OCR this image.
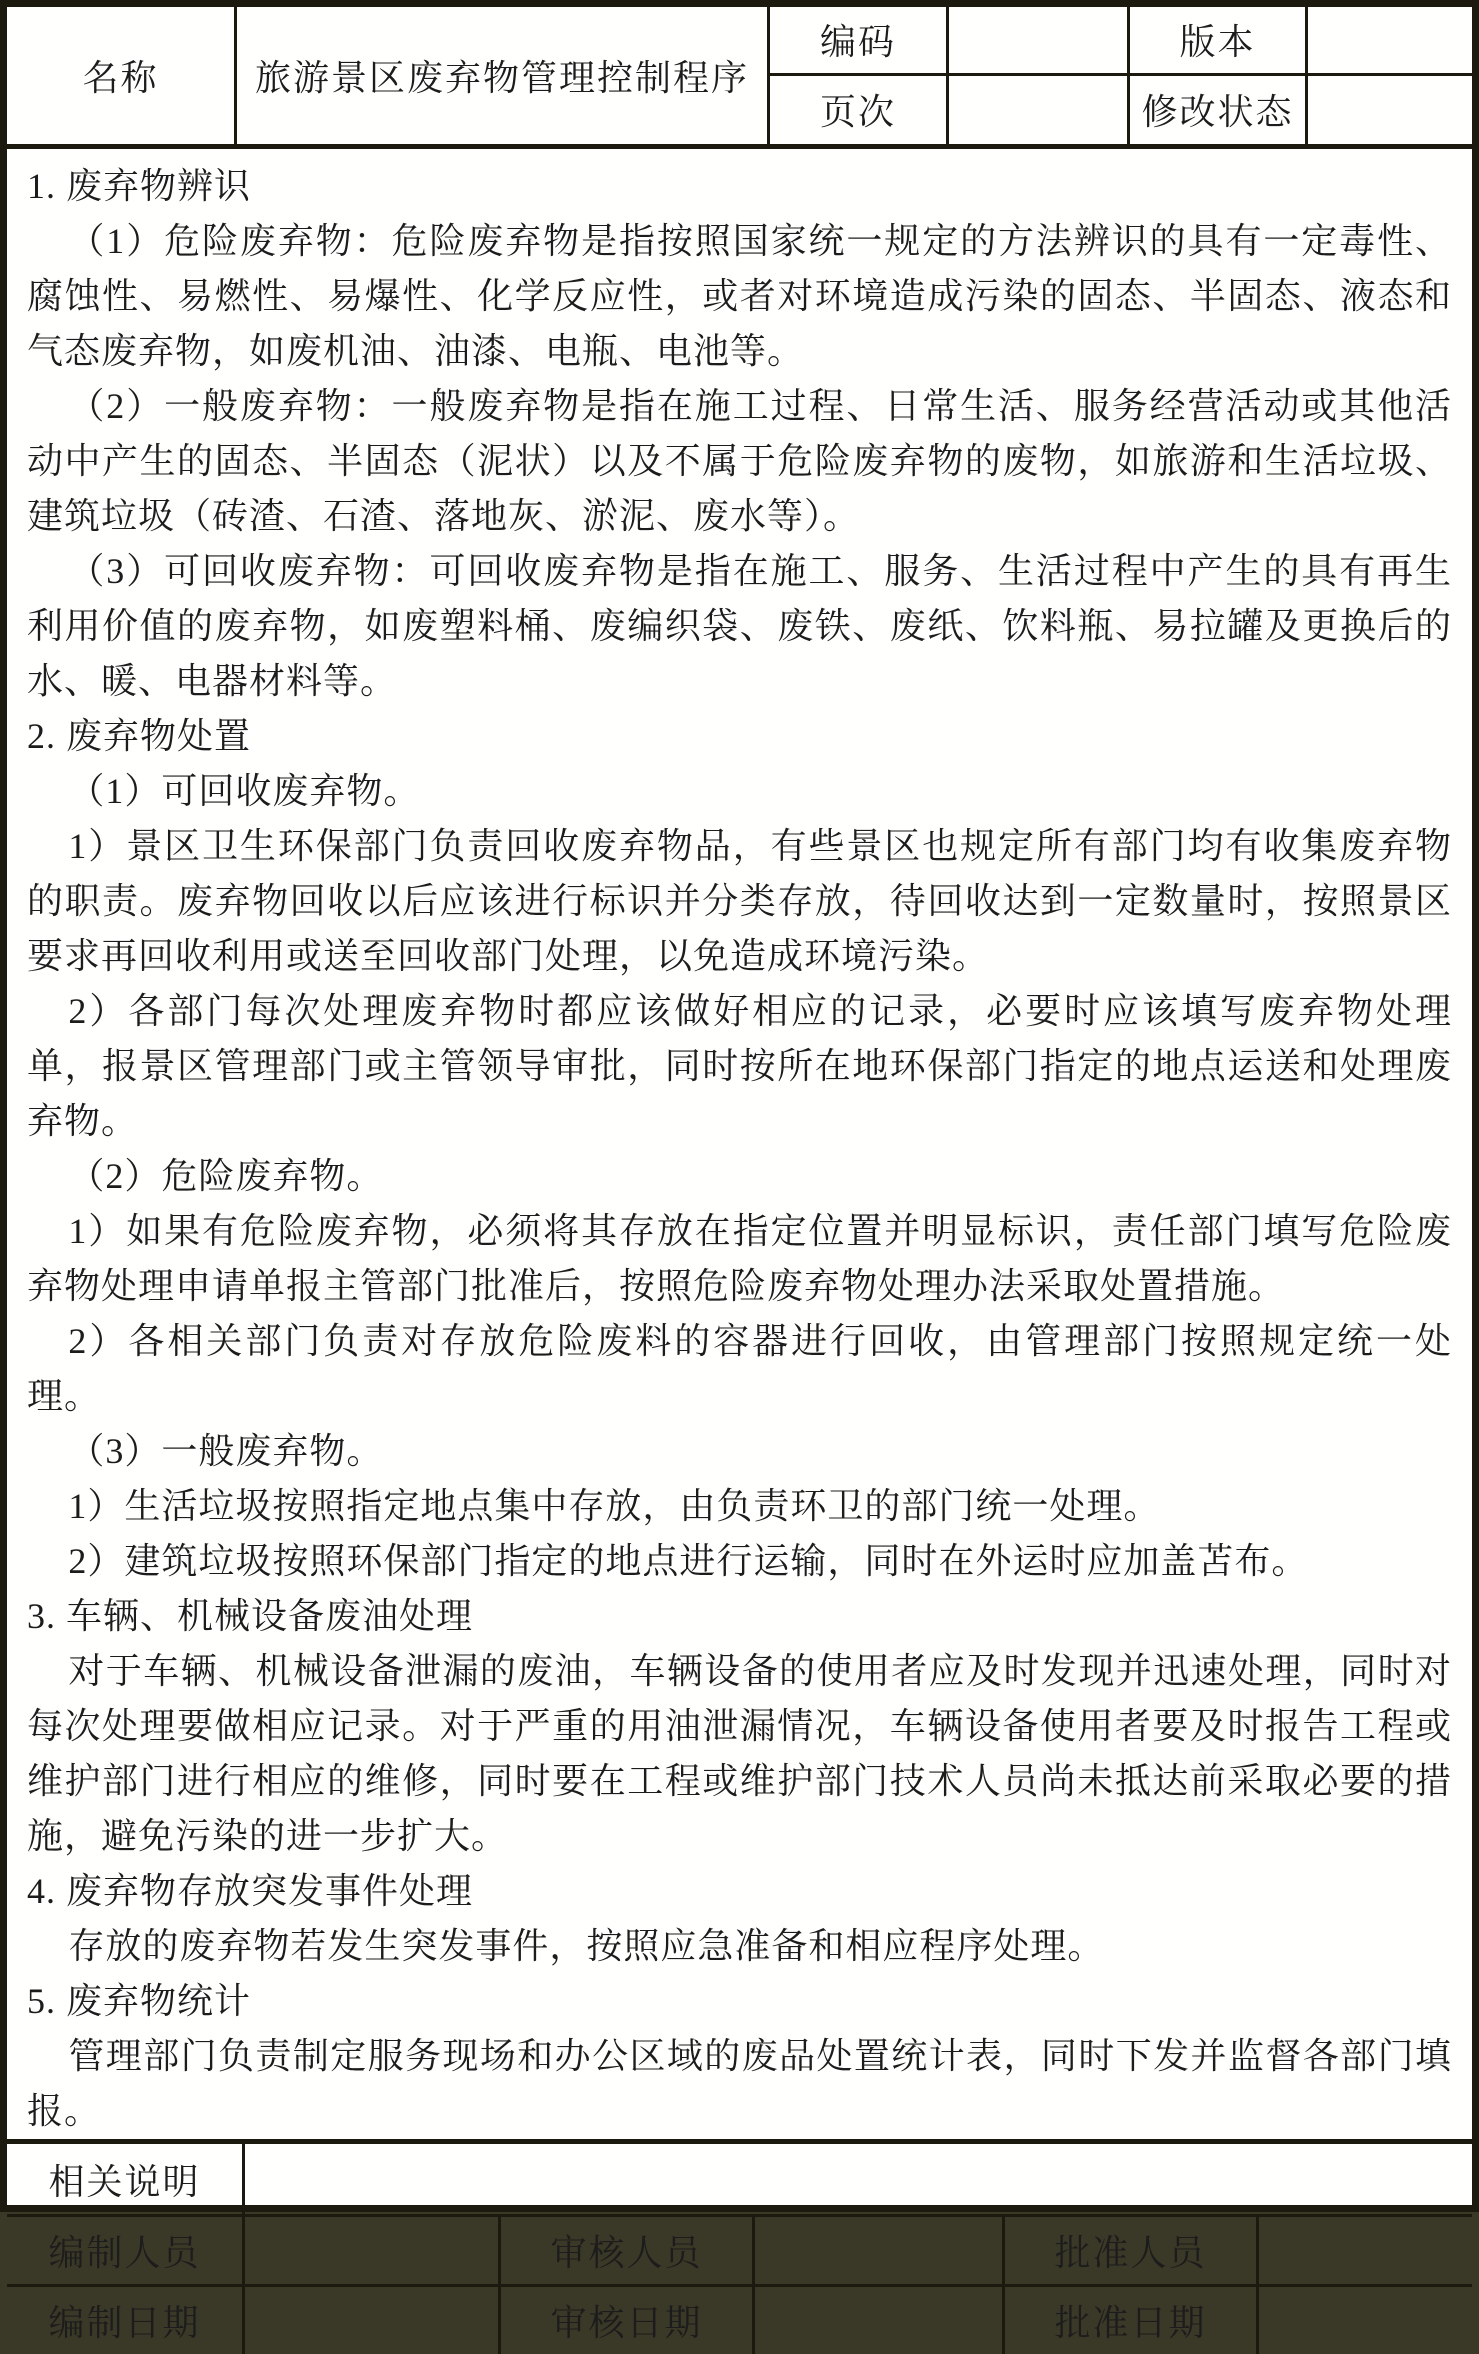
名称	旅游景区废弃物管理控制程序
编码	版本
页次	修改状态
1. 废弃物辨识
（1）危险废弃物：危险废弃物是指按照国家统一规定的方法辨识的具有一定毒性、腐蚀性、易燃性、易爆性、化学反应性，或者对环境造成污染的固态、半固态、液态和气态废弃物，如废机油、油漆、电瓶、电池等。
（2）一般废弃物：一般废弃物是指在施工过程、日常生活、服务经营活动或其他活动中产生的固态、半固态（泥状）以及不属于危险废弃物的废物，如旅游和生活垃圾、建筑垃圾（砖渣、石渣、落地灰、淤泥、废水等）。
（3）可回收废弃物：可回收废弃物是指在施工、服务、生活过程中产生的具有再生利用价值的废弃物，如废塑料桶、废编织袋、废铁、废纸、饮料瓶、易拉罐及更换后的水、暖、电器材料等。
2. 废弃物处置
（1）可回收废弃物。
1）景区卫生环保部门负责回收废弃物品，有些景区也规定所有部门均有收集废弃物的职责。废弃物回收以后应该进行标识并分类存放，待回收达到一定数量时，按照景区要求再回收利用或送至回收部门处理，以免造成环境污染。
2）各部门每次处理废弃物时都应该做好相应的记录，必要时应该填写废弃物处理单，报景区管理部门或主管领导审批，同时按所在地环保部门指定的地点运送和处理废弃物。
（2）危险废弃物。
1）如果有危险废弃物，必须将其存放在指定位置并明显标识，责任部门填写危险废弃物处理申请单报主管部门批准后，按照危险废弃物处理办法采取处置措施。
2）各相关部门负责对存放危险废料的容器进行回收，由管理部门按照规定统一处理。
（3）一般废弃物。
1）生活垃圾按照指定地点集中存放，由负责环卫的部门统一处理。
2）建筑垃圾按照环保部门指定的地点进行运输，同时在外运时应加盖苫布。
3. 车辆、机械设备废油处理
对于车辆、机械设备泄漏的废油，车辆设备的使用者应及时发现并迅速处理，同时对每次处理要做相应记录。对于严重的用油泄漏情况，车辆设备使用者要及时报告工程或维护部门进行相应的维修，同时要在工程或维护部门技术人员尚未抵达前采取必要的措施，避免污染的进一步扩大。
4. 废弃物存放突发事件处理
存放的废弃物若发生突发事件，按照应急准备和相应程序处理。
5. 废弃物统计
管理部门负责制定服务现场和办公区域的废品处置统计表，同时下发并监督各部门填报。
相关说明
编制人员	审核人员	批准人员
编制日期	审核日期	批准日期
